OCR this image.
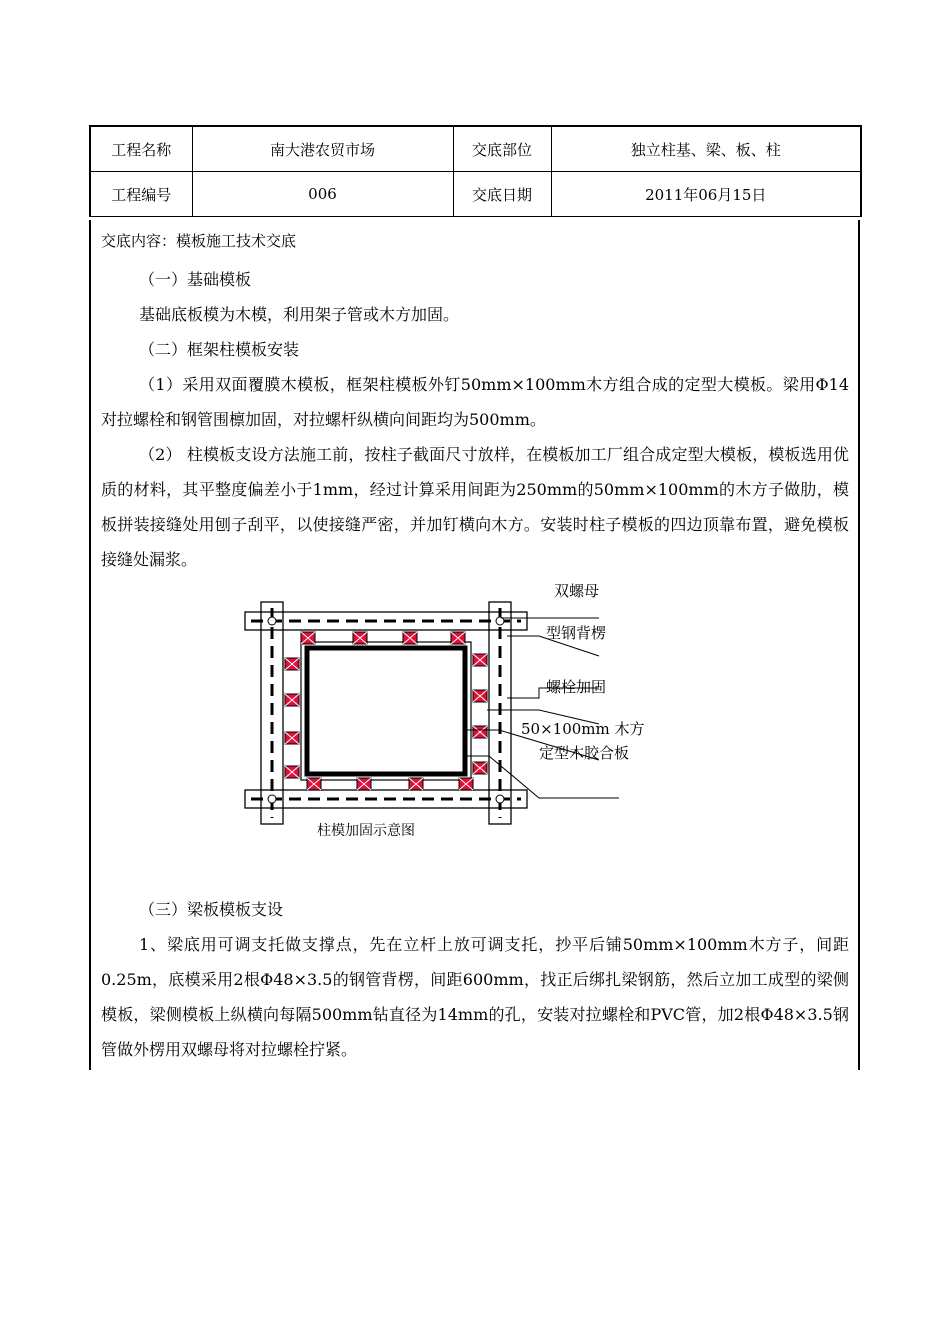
工程名称	南大港农贸市场	交底部位	独立柱基、梁、板、柱
工程编号	006	交底日期	2011年06月15日
交底内容：模板施工技术交底
（一）基础模板
基础底板模为木模，利用架子管或木方加固。
（二）框架柱模板安装
（1）采用双面覆膜木模板，框架柱模板外钉50mm×100mm木方组合成的定型大模板。梁用Φ14对拉螺栓和钢管围檩加固，对拉螺杆纵横向间距均为500mm。
（2） 柱模板支设方法施工前，按柱子截面尺寸放样，在模板加工厂组合成定型大模板，模板选用优质的材料，其平整度偏差小于1mm，经过计算采用间距为250mm的50mm×100mm的木方子做肋，模板拼装接缝处用刨子刮平，以使接缝严密，并加钉横向木方。安装时柱子模板的四边顶靠布置，避免模板接缝处漏浆。
双螺母
型钢背楞
螺栓加固
50×100mm 木方
定型木胶合板
柱模加固示意图
（三）梁板模板支设
1、梁底用可调支托做支撑点，先在立杆上放可调支托，抄平后铺50mm×100mm木方子，间距0.25m，底模采用2根Φ48×3.5的钢管背楞，间距600mm，找正后绑扎梁钢筋，然后立加工成型的梁侧模板，梁侧模板上纵横向每隔500mm钻直径为14mm的孔，安装对拉螺栓和PVC管，加2根Φ48×3.5钢管做外楞用双螺母将对拉螺栓拧紧。
